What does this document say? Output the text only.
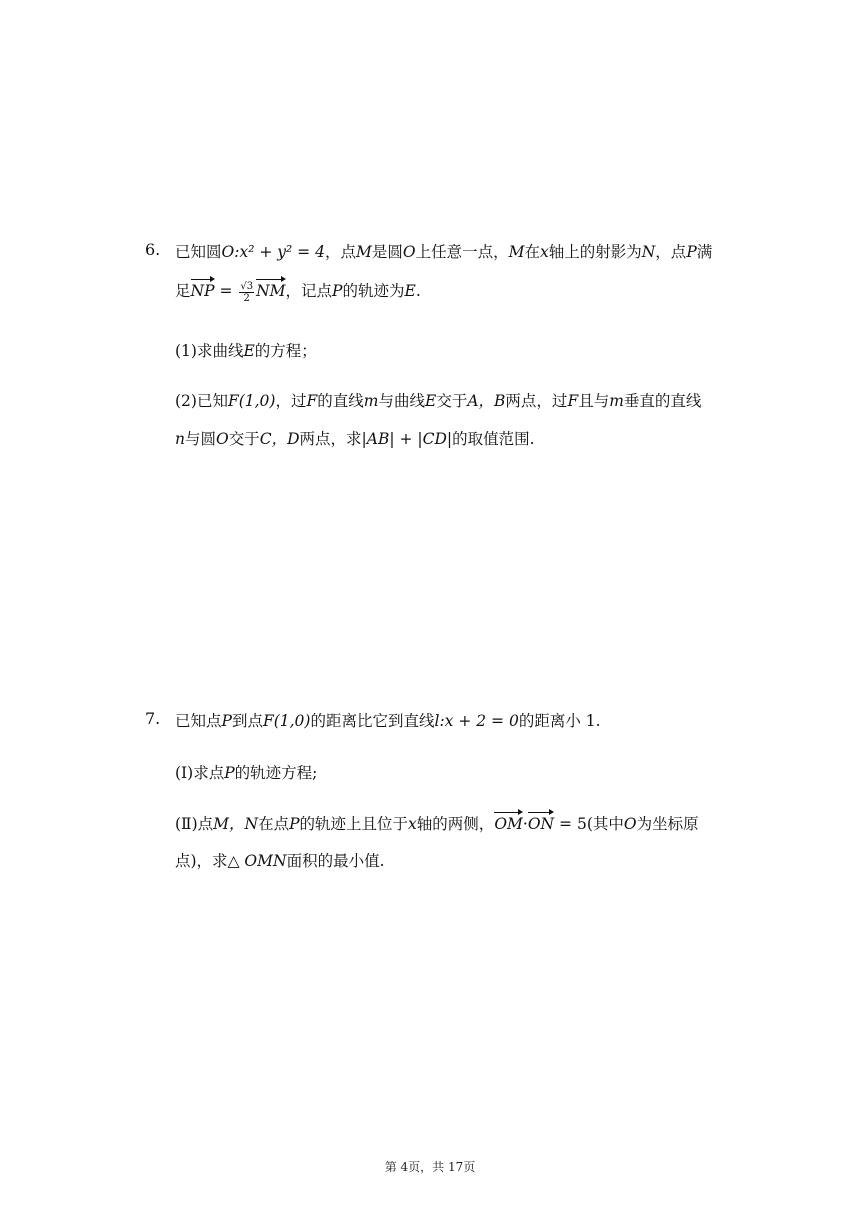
6. 已知圆O:x² + y² = 4，点M是圆O上任意一点，M在x轴上的射影为N，点P满
足NP = $\frac{√3}{2}$ NM，记点P的轨迹为E.
(1)求曲线E的方程；
(2)已知F(1,0)，过F的直线m与曲线E交于A，B两点，过F且与m垂直的直线
n与圆O交于C，D两点，求|AB| + |CD|的取值范围.
7. 已知点P到点F(1,0)的距离比它到直线l:x + 2 = 0的距离小 1.
(Ⅰ)求点P的轨迹方程;
(Ⅱ)点M，N在点P的轨迹上且位于x轴的两侧，OM·ON = 5(其中O为坐标原
点)，求△ OMN面积的最小值.
第 4页，共 17页
